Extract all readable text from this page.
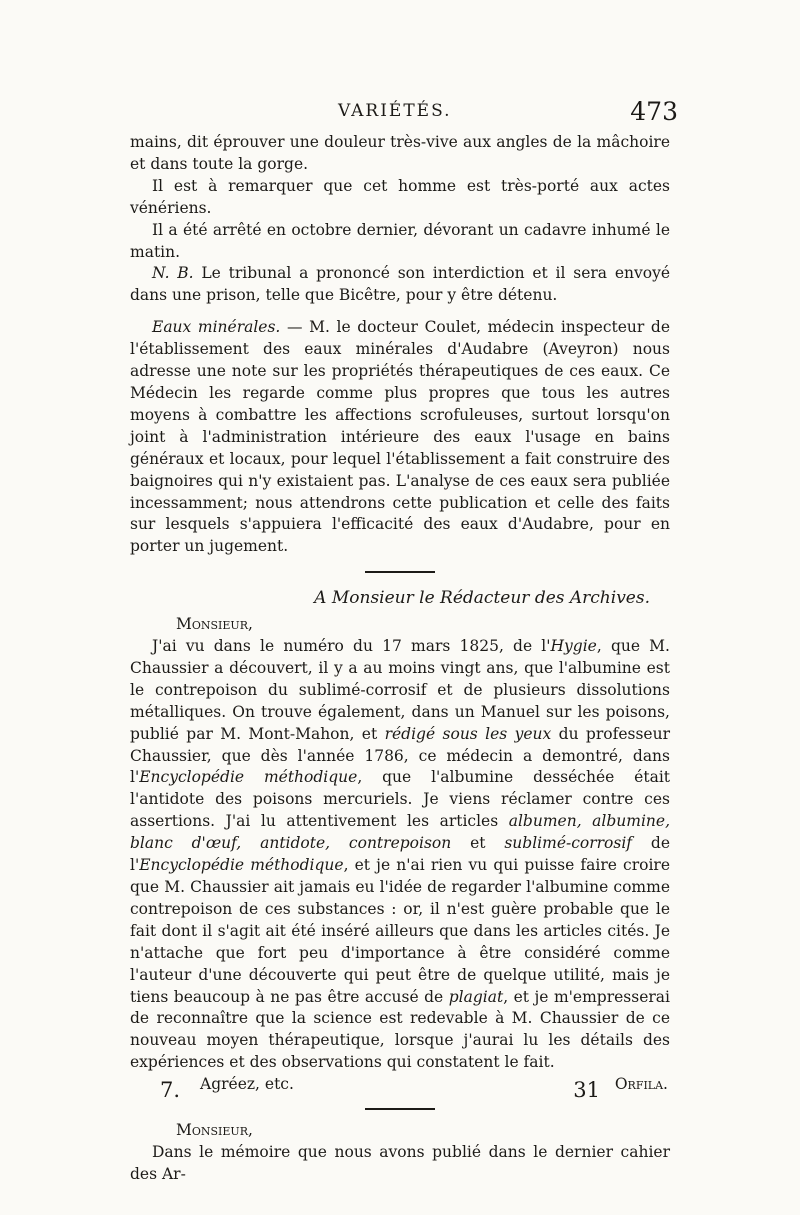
VARIÉTÉS.	473

mains, dit éprouver une douleur très-vive aux angles de la mâchoire et dans toute la gorge.

Il est à remarquer que cet homme est très-porté aux actes vénériens.

Il a été arrêté en octobre dernier, dévorant un cadavre inhumé le matin.

N. B. Le tribunal a prononcé son interdiction et il sera envoyé dans une prison, telle que Bicêtre, pour y être détenu.

Eaux minérales. — M. le docteur Coulet, médecin inspecteur de l'établissement des eaux minérales d'Audabre (Aveyron) nous adresse une note sur les propriétés thérapeutiques de ces eaux. Ce Médecin les regarde comme plus propres que tous les autres moyens à combattre les affections scrofuleuses, surtout lorsqu'on joint à l'administration intérieure des eaux l'usage en bains généraux et locaux, pour lequel l'établissement a fait construire des baignoires qui n'y existaient pas. L'analyse de ces eaux sera publiée incessamment; nous attendrons cette publication et celle des faits sur lesquels s'appuiera l'efficacité des eaux d'Audabre, pour en porter un jugement.

A Monsieur le Rédacteur des Archives.

Monsieur,

J'ai vu dans le numéro du 17 mars 1825, de l'Hygie, que M. Chaussier a découvert, il y a au moins vingt ans, que l'albumine est le contrepoison du sublimé-corrosif et de plusieurs dissolutions métalliques. On trouve également, dans un Manuel sur les poisons, publié par M. Mont-Mahon, et rédigé sous les yeux du professeur Chaussier, que dès l'année 1786, ce médecin a demontré, dans l'Encyclopédie méthodique, que l'albumine desséchée était l'antidote des poisons mercuriels. Je viens réclamer contre ces assertions. J'ai lu attentivement les articles albumen, albumine, blanc d'œuf, antidote, contrepoison et sublimé-corrosif de l'Encyclopédie méthodique, et je n'ai rien vu qui puisse faire croire que M. Chaussier ait jamais eu l'idée de regarder l'albumine comme contrepoison de ces substances : or, il n'est guère probable que le fait dont il s'agit ait été inséré ailleurs que dans les articles cités. Je n'attache que fort peu d'importance à être considéré comme l'auteur d'une découverte qui peut être de quelque utilité, mais je tiens beaucoup à ne pas être accusé de plagiat, et je m'empresserai de reconnaître que la science est redevable à M. Chaussier de ce nouveau moyen thérapeutique, lorsque j'aurai lu les détails des expériences et des observations qui constatent le fait.

Agréez, etc.	Orfila.

Monsieur,

Dans le mémoire que nous avons publié dans le dernier cahier des Ar-

7.	31
